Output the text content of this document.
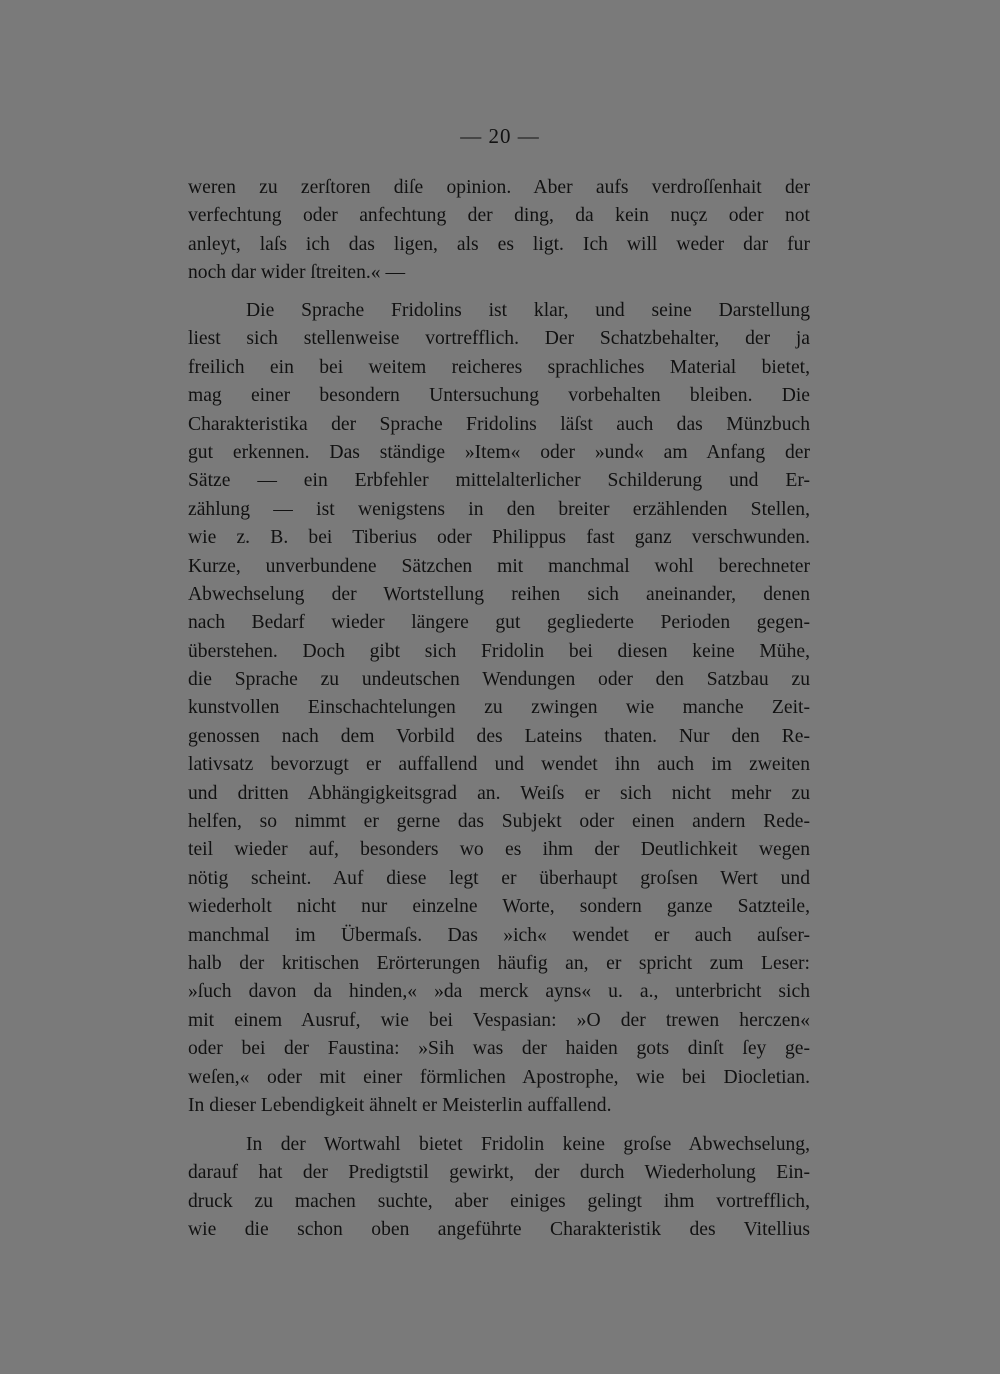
— 20 —
weren zu zerſtoren diſe opinion. Aber aufs verdroſſenhait der
verfechtung oder anfechtung der ding, da kein nuçz oder not
anleyt, laſs ich das ligen, als es ligt. Ich will weder dar fur
noch dar wider ſtreiten.« —
Die Sprache Fridolins ist klar, und seine Darstellung
liest sich stellenweise vortrefflich. Der Schatzbehalter, der ja
freilich ein bei weitem reicheres sprachliches Material bietet,
mag einer besondern Untersuchung vorbehalten bleiben. Die
Charakteristika der Sprache Fridolins läſst auch das Münzbuch
gut erkennen. Das ständige »Item« oder »und« am Anfang der
Sätze — ein Erbfehler mittelalterlicher Schilderung und Er-
zählung — ist wenigstens in den breiter erzählenden Stellen,
wie z. B. bei Tiberius oder Philippus fast ganz verschwunden.
Kurze, unverbundene Sätzchen mit manchmal wohl berechneter
Abwechselung der Wortstellung reihen sich aneinander, denen
nach Bedarf wieder längere gut gegliederte Perioden gegen-
überstehen. Doch gibt sich Fridolin bei diesen keine Mühe,
die Sprache zu undeutschen Wendungen oder den Satzbau zu
kunstvollen Einschachtelungen zu zwingen wie manche Zeit-
genossen nach dem Vorbild des Lateins thaten. Nur den Re-
lativsatz bevorzugt er auffallend und wendet ihn auch im zweiten
und dritten Abhängigkeitsgrad an. Weiſs er sich nicht mehr zu
helfen, so nimmt er gerne das Subjekt oder einen andern Rede-
teil wieder auf, besonders wo es ihm der Deutlichkeit wegen
nötig scheint. Auf diese legt er überhaupt groſsen Wert und
wiederholt nicht nur einzelne Worte, sondern ganze Satzteile,
manchmal im Übermaſs. Das »ich« wendet er auch auſser-
halb der kritischen Erörterungen häufig an, er spricht zum Leser:
»ſuch davon da hinden,« »da merck ayns« u. a., unterbricht sich
mit einem Ausruf, wie bei Vespasian: »O der trewen herczen«
oder bei der Faustina: »Sih was der haiden gots dinſt ſey ge-
weſen,« oder mit einer förmlichen Apostrophe, wie bei Diocletian.
In dieser Lebendigkeit ähnelt er Meisterlin auffallend.
In der Wortwahl bietet Fridolin keine groſse Abwechselung,
darauf hat der Predigtstil gewirkt, der durch Wiederholung Ein-
druck zu machen suchte, aber einiges gelingt ihm vortrefflich,
wie die schon oben angeführte Charakteristik des Vitellius
